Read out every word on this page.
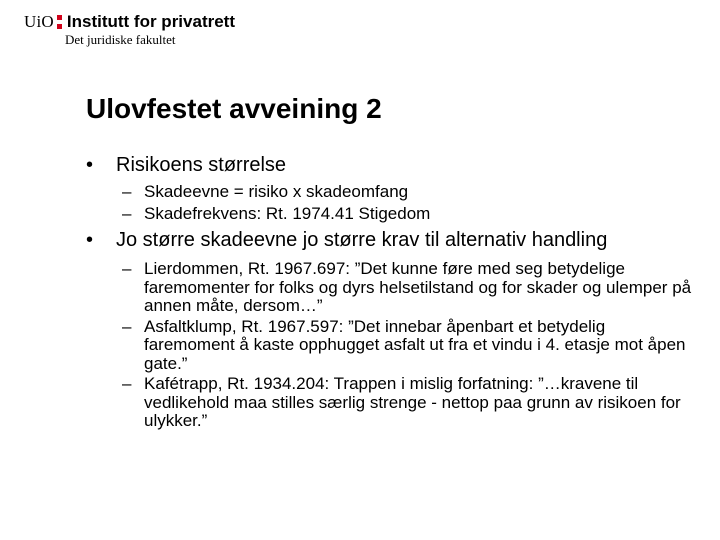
UiO Institutt for privatrett
Det juridiske fakultet
Ulovfestet avveining 2
• Risikoens størrelse
– Skadeevne = risiko x skadeomfang
– Skadefrekvens: Rt. 1974.41 Stigedom
• Jo større skadeevne jo større krav til alternativ handling
– Lierdommen, Rt. 1967.697: ”Det kunne føre med seg betydelige faremomenter for folks og dyrs helsetilstand og for skader og ulemper på annen måte, dersom…”
– Asfaltklump, Rt. 1967.597: ”Det innebar åpenbart et betydelig faremoment å kaste opphugget asfalt ut fra et vindu i 4. etasje mot åpen gate.”
– Kafétrapp, Rt. 1934.204: Trappen i mislig forfatning: ”…kravene til vedlikehold maa stilles særlig strenge - nettop paa grunn av risikoen for ulykker.”
